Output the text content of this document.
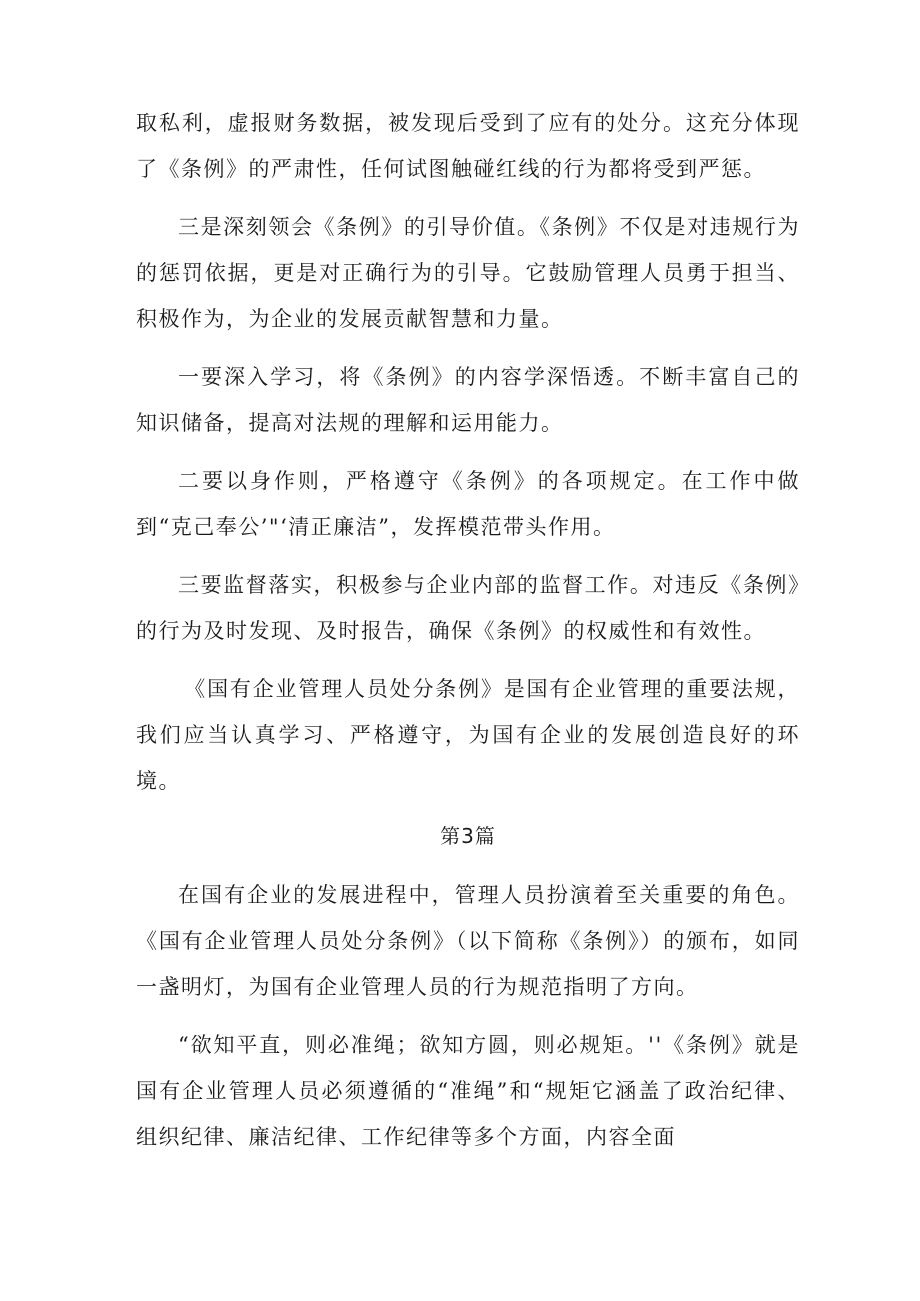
取私利，虚报财务数据，被发现后受到了应有的处分。这充分体现了《条例》的严肃性，任何试图触碰红线的行为都将受到严惩。

三是深刻领会《条例》的引导价值。《条例》不仅是对违规行为的惩罚依据，更是对正确行为的引导。它鼓励管理人员勇于担当、积极作为，为企业的发展贡献智慧和力量。

一要深入学习，将《条例》的内容学深悟透。不断丰富自己的知识储备，提高对法规的理解和运用能力。

二要以身作则，严格遵守《条例》的各项规定。在工作中做到“克己奉公’"‘清正廉洁”，发挥模范带头作用。

三要监督落实，积极参与企业内部的监督工作。对违反《条例》的行为及时发现、及时报告，确保《条例》的权威性和有效性。

《国有企业管理人员处分条例》是国有企业管理的重要法规，我们应当认真学习、严格遵守，为国有企业的发展创造良好的环境。

第3篇

在国有企业的发展进程中，管理人员扮演着至关重要的角色。《国有企业管理人员处分条例》（以下简称《条例》）的颁布，如同一盏明灯，为国有企业管理人员的行为规范指明了方向。

“欲知平直，则必准绳；欲知方圆，则必规矩。''《条例》就是国有企业管理人员必须遵循的“准绳”和“规矩它涵盖了政治纪律、组织纪律、廉洁纪律、工作纪律等多个方面，内容全面
